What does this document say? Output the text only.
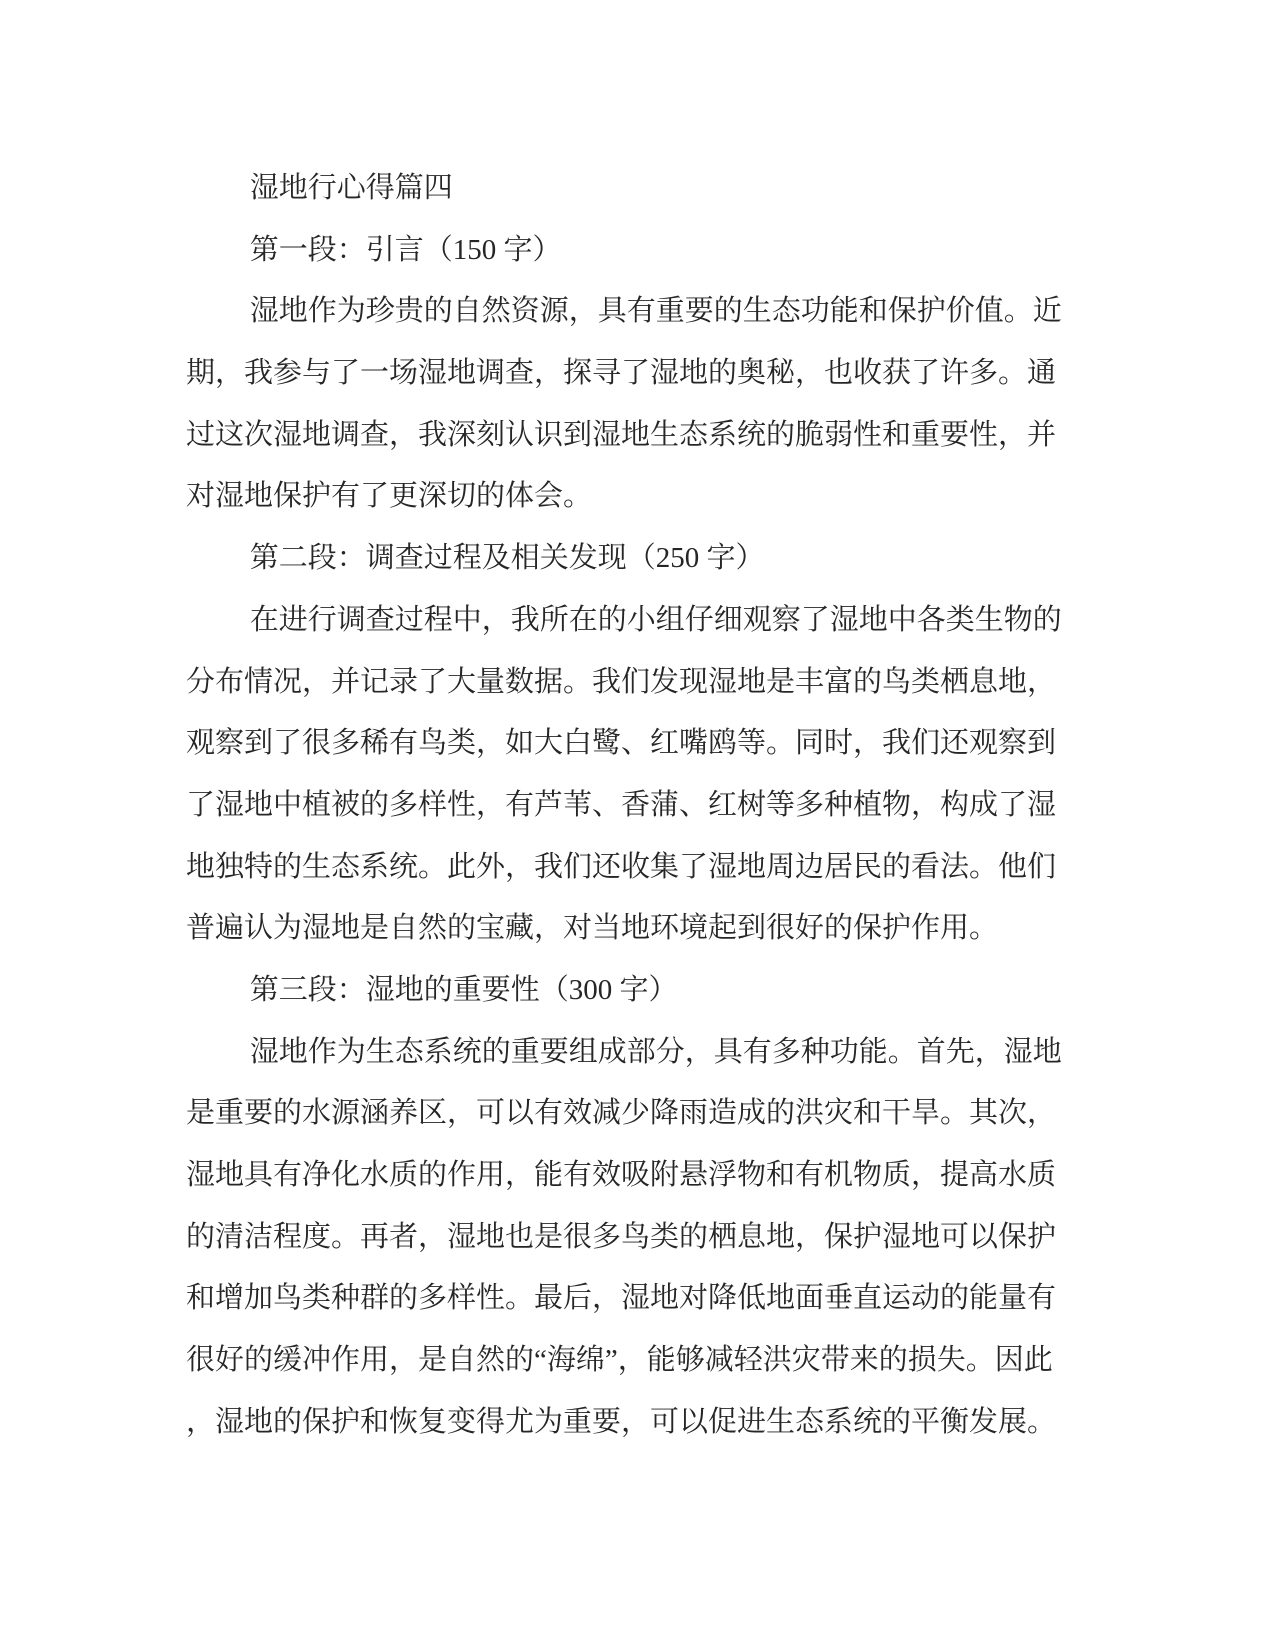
湿地行心得篇四
第一段：引言（150 字）
湿地作为珍贵的自然资源，具有重要的生态功能和保护价值。近
期，我参与了一场湿地调查，探寻了湿地的奥秘，也收获了许多。通
过这次湿地调查，我深刻认识到湿地生态系统的脆弱性和重要性，并
对湿地保护有了更深切的体会。
第二段：调查过程及相关发现（250 字）
在进行调查过程中，我所在的小组仔细观察了湿地中各类生物的
分布情况，并记录了大量数据。我们发现湿地是丰富的鸟类栖息地，
观察到了很多稀有鸟类，如大白鹭、红嘴鸥等。同时，我们还观察到
了湿地中植被的多样性，有芦苇、香蒲、红树等多种植物，构成了湿
地独特的生态系统。此外，我们还收集了湿地周边居民的看法。他们
普遍认为湿地是自然的宝藏，对当地环境起到很好的保护作用。
第三段：湿地的重要性（300 字）
湿地作为生态系统的重要组成部分，具有多种功能。首先，湿地
是重要的水源涵养区，可以有效减少降雨造成的洪灾和干旱。其次，
湿地具有净化水质的作用，能有效吸附悬浮物和有机物质，提高水质
的清洁程度。再者，湿地也是很多鸟类的栖息地，保护湿地可以保护
和增加鸟类种群的多样性。最后，湿地对降低地面垂直运动的能量有
很好的缓冲作用，是自然的“海绵”，能够减轻洪灾带来的损失。因此
，湿地的保护和恢复变得尤为重要，可以促进生态系统的平衡发展。
